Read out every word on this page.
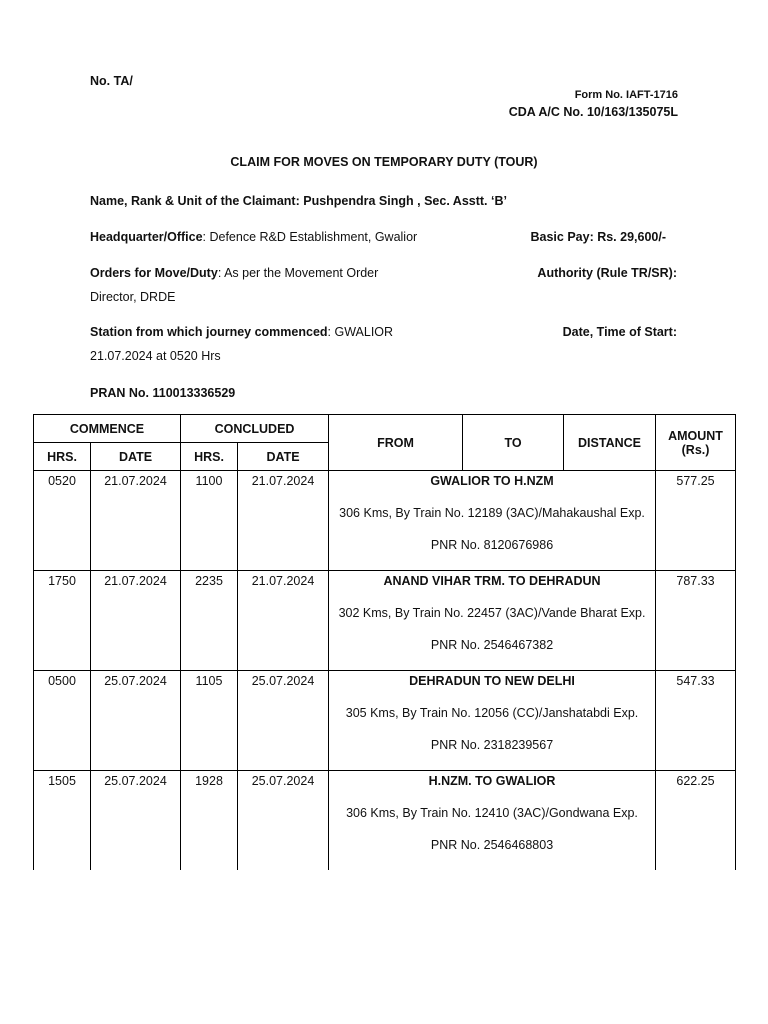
No. TA/
Form No. IAFT-1716
CDA A/C No. 10/163/135075L
CLAIM FOR MOVES ON TEMPORARY DUTY (TOUR)
Name, Rank & Unit of the Claimant: Pushpendra Singh , Sec. Asstt. ‘B’
Headquarter/Office: Defence R&D Establishment, Gwalior	Basic Pay: Rs. 29,600/-
Orders for Move/Duty: As per the Movement Order	Authority (Rule TR/SR):
Director, DRDE
Station from which journey commenced: GWALIOR	Date, Time of Start:
21.07.2024 at 0520 Hrs
PRAN No. 110013336529
COMMENCE		CONCLUDED		FROM	TO	DISTANCE	AMOUNT (Rs.)
HRS.	DATE	HRS.	DATE				
0520	21.07.2024	1100	21.07.2024	GWALIOR TO H.NZM
306 Kms, By Train No. 12189 (3AC)/Mahakaushal Exp.
PNR No. 8120676986			577.25
1750	21.07.2024	2235	21.07.2024	ANAND VIHAR TRM. TO DEHRADUN
302 Kms, By Train No. 22457 (3AC)/Vande Bharat Exp.
PNR No. 2546467382			787.33
0500	25.07.2024	1105	25.07.2024	DEHRADUN TO NEW DELHI
305 Kms, By Train No. 12056 (CC)/Janshatabdi Exp.
PNR No. 2318239567			547.33
1505	25.07.2024	1928	25.07.2024	H.NZM. TO GWALIOR
306 Kms, By Train No. 12410 (3AC)/Gondwana Exp.
PNR No. 2546468803			622.25
